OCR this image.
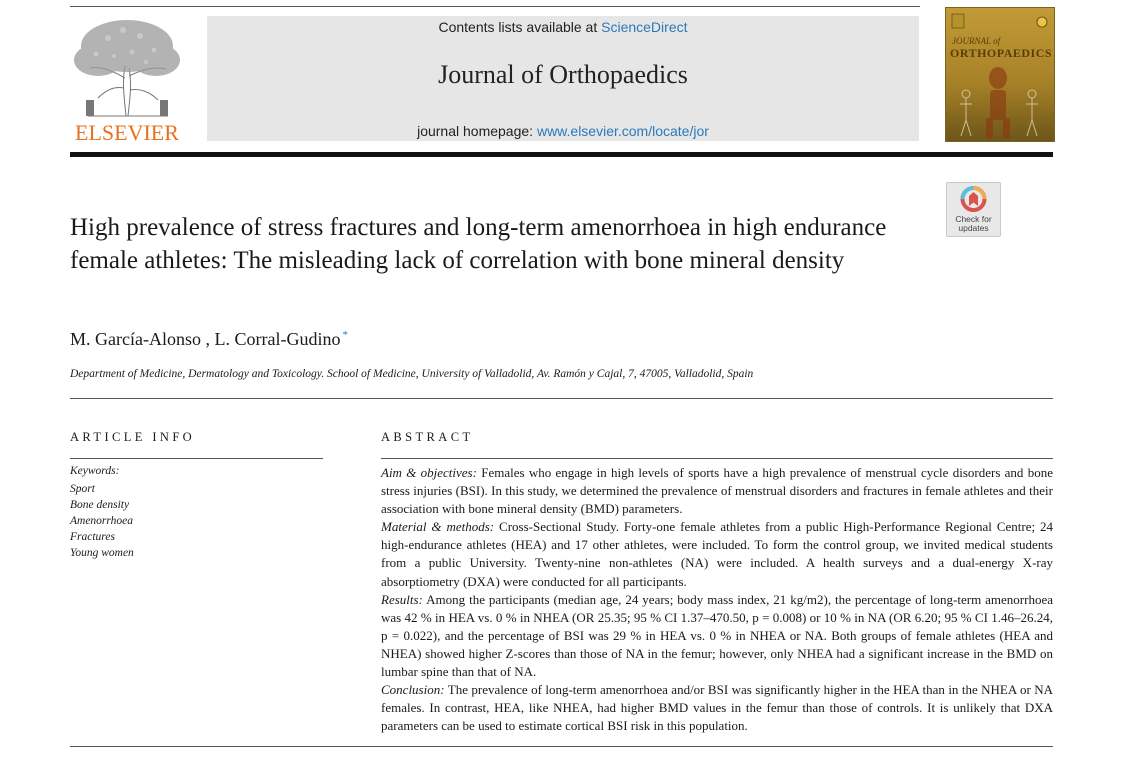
ELSEVIER
Contents lists available at ScienceDirect
Journal of Orthopaedics
journal homepage: www.elsevier.com/locate/jor
JOURNAL of
ORTHOPAEDICS
Check for
updates
High prevalence of stress fractures and long-term amenorrhoea in high endurance female athletes: The misleading lack of correlation with bone mineral density
M. García-Alonso , L. Corral-Gudino *
Department of Medicine, Dermatology and Toxicology. School of Medicine, University of Valladolid, Av. Ramón y Cajal, 7, 47005, Valladolid, Spain
ARTICLE INFO
Keywords:
Sport
Bone density
Amenorrhoea
Fractures
Young women
ABSTRACT

Aim & objectives: Females who engage in high levels of sports have a high prevalence of menstrual cycle disorders and bone stress injuries (BSI). In this study, we determined the prevalence of menstrual disorders and fractures in female athletes and their association with bone mineral density (BMD) parameters.

Material & methods: Cross-Sectional Study. Forty-one female athletes from a public High-Performance Regional Centre; 24 high-endurance athletes (HEA) and 17 other athletes, were included. To form the control group, we invited medical students from a public University. Twenty-nine non-athletes (NA) were included. A health surveys and a dual-energy X-ray absorptiometry (DXA) were conducted for all participants.

Results: Among the participants (median age, 24 years; body mass index, 21 kg/m2), the percentage of long-term amenorrhoea was 42 % in HEA vs. 0 % in NHEA (OR 25.35; 95 % CI 1.37–470.50, p = 0.008) or 10 % in NA (OR 6.20; 95 % CI 1.46–26.24, p = 0.022), and the percentage of BSI was 29 % in HEA vs. 0 % in NHEA or NA. Both groups of female athletes (HEA and NHEA) showed higher Z-scores than those of NA in the femur; however, only NHEA had a significant increase in the BMD on lumbar spine than that of NA.

Conclusion: The prevalence of long-term amenorrhoea and/or BSI was significantly higher in the HEA than in the NHEA or NA females. In contrast, HEA, like NHEA, had higher BMD values in the femur than those of controls. It is unlikely that DXA parameters can be used to estimate cortical BSI risk in this population.
